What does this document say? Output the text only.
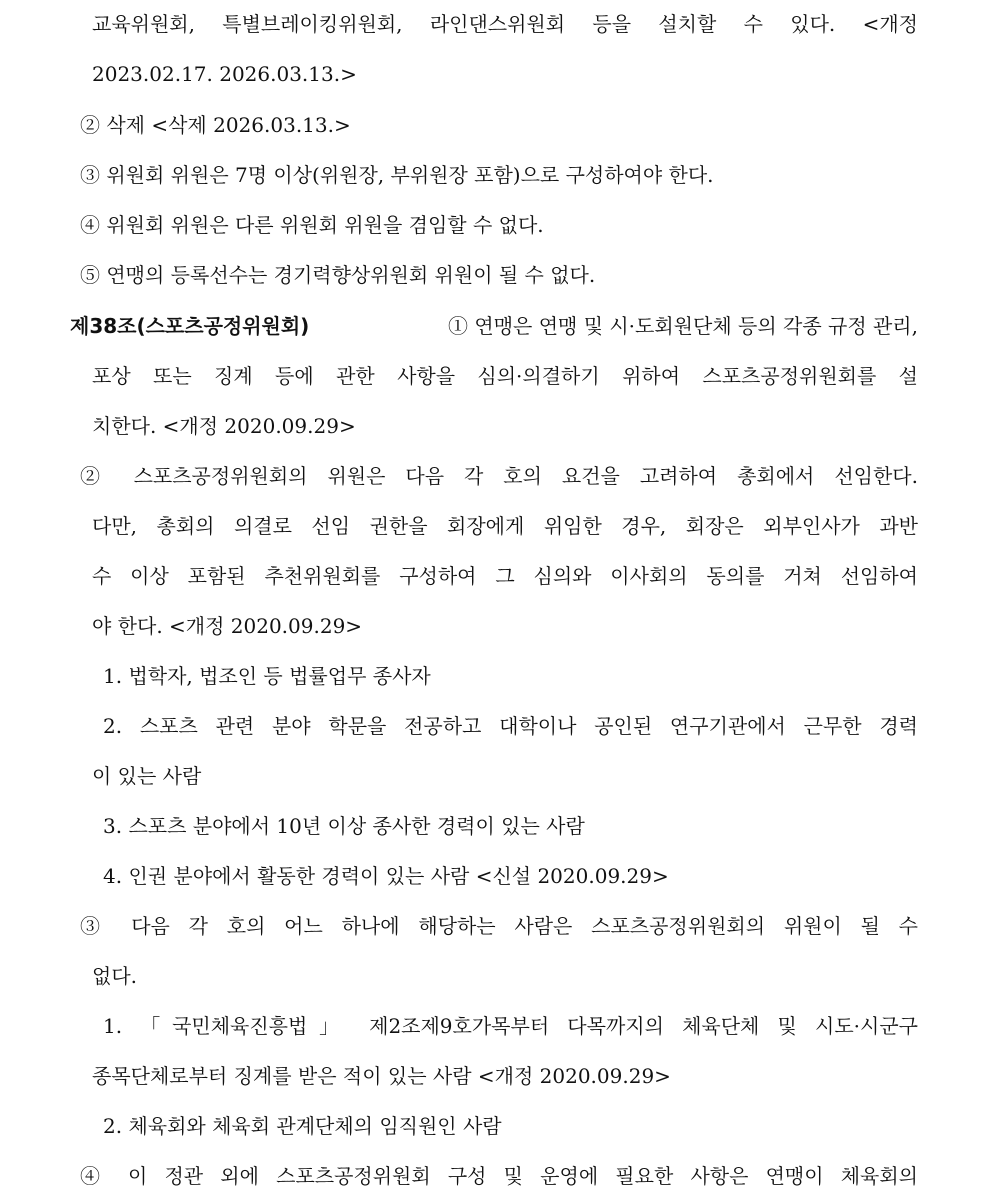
교육위원회, 특별브레이킹위원회, 라인댄스위원회 등을 설치할 수 있다. <개정
2023.02.17. 2026.03.13.>
② 삭제 <삭제 2026.03.13.>
③ 위원회 위원은 7명 이상(위원장, 부위원장 포함)으로 구성하여야 한다.
④ 위원회 위원은 다른 위원회 위원을 겸임할 수 없다.
⑤ 연맹의 등록선수는 경기력향상위원회 위원이 될 수 없다.
제38조(스포츠공정위원회)	① 연맹은 연맹 및 시·도회원단체 등의 각종 규정 관리,
포상 또는 징계 등에 관한 사항을 심의·의결하기 위하여 스포츠공정위원회를 설
치한다. <개정 2020.09.29>
② 스포츠공정위원회의 위원은 다음 각 호의 요건을 고려하여 총회에서 선임한다.
다만, 총회의 의결로 선임 권한을 회장에게 위임한 경우, 회장은 외부인사가 과반
수 이상 포함된 추천위원회를 구성하여 그 심의와 이사회의 동의를 거쳐 선임하여
야 한다. <개정 2020.09.29>
1. 법학자, 법조인 등 법률업무 종사자
2. 스포츠 관련 분야 학문을 전공하고 대학이나 공인된 연구기관에서 근무한 경력
이 있는 사람
3. 스포츠 분야에서 10년 이상 종사한 경력이 있는 사람
4. 인권 분야에서 활동한 경력이 있는 사람 <신설 2020.09.29>
③ 다음 각 호의 어느 하나에 해당하는 사람은 스포츠공정위원회의 위원이 될 수
없다.
1. 「국민체육진흥법」 제2조제9호가목부터 다목까지의 체육단체 및 시도·시군구
종목단체로부터 징계를 받은 적이 있는 사람 <개정 2020.09.29>
2. 체육회와 체육회 관계단체의 임직원인 사람
④ 이 정관 외에 스포츠공정위원회 구성 및 운영에 필요한 사항은 연맹이 체육회의
